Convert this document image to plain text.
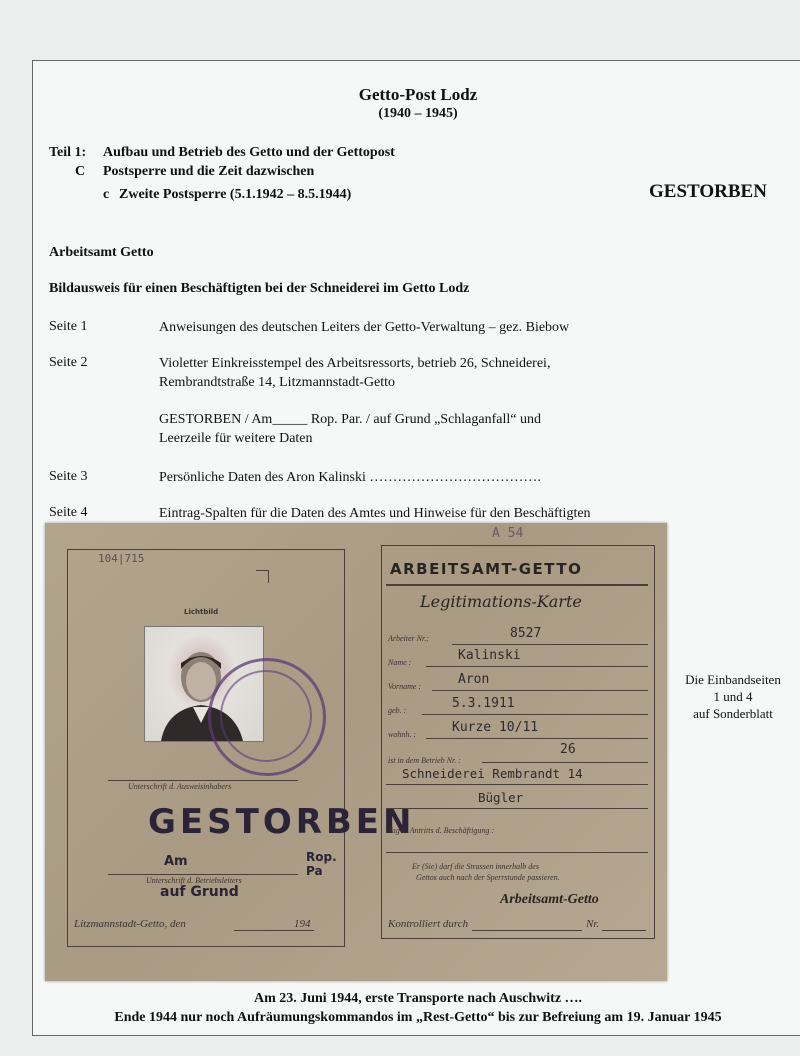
Getto-Post Lodz
(1940 – 1945)
Teil 1: Aufbau und Betrieb des Getto und der Gettopost
C Postsperre und die Zeit dazwischen
c Zweite Postsperre (5.1.1942 – 8.5.1944)	GESTORBEN
Arbeitsamt Getto
Bildausweis für einen Beschäftigten bei der Schneiderei im Getto Lodz
Seite 1	Anweisungen des deutschen Leiters der Getto-Verwaltung – gez. Biebow
Seite 2	Violetter Einkreisstempel des Arbeitsressorts, betrieb 26, Schneiderei,
Rembrandtstraße 14, Litzmannstadt-Getto
GESTORBEN / Am_____ Rop. Par. / auf Grund „Schlaganfall“ und
Leerzeile für weitere Daten
Seite 3	Persönliche Daten des Aron Kalinski ……………………………….
Seite 4	Eintrag-Spalten für die Daten des Amtes und Hinweise für den Beschäftigten
104|715
Lichtbild
Unterschrift d. Ausweisinhabers
GESTORBEN
Am	Rop. Pa
Unterschrift d. Betriebsleiters
auf Grund
Litzmannstadt-Getto, den	194
A 54
ARBEITSAMT-GETTO
Legitimations-Karte
Arbeiter Nr.:	8527
Name :	Kalinski
Vorname :	Aron
geb. :	5.3.1911
wohnh. :	Kurze 10/11
ist in dem Betrieb Nr. :
26
Schneiderei Rembrandt 14
Bügler
Tag d. Antritts d. Beschäftigung :
Er (Sie) darf die Strassen innerhalb des
Gettos auch nach der Sperrstunde passieren.
Arbeitsamt-Getto
Kontrolliert durch	Nr.
Die Einbandseiten
1 und 4
auf Sonderblatt
Am 23. Juni 1944, erste Transporte nach Auschwitz ….
Ende 1944 nur noch Aufräumungskommandos im „Rest-Getto“ bis zur Befreiung am 19. Januar 1945
